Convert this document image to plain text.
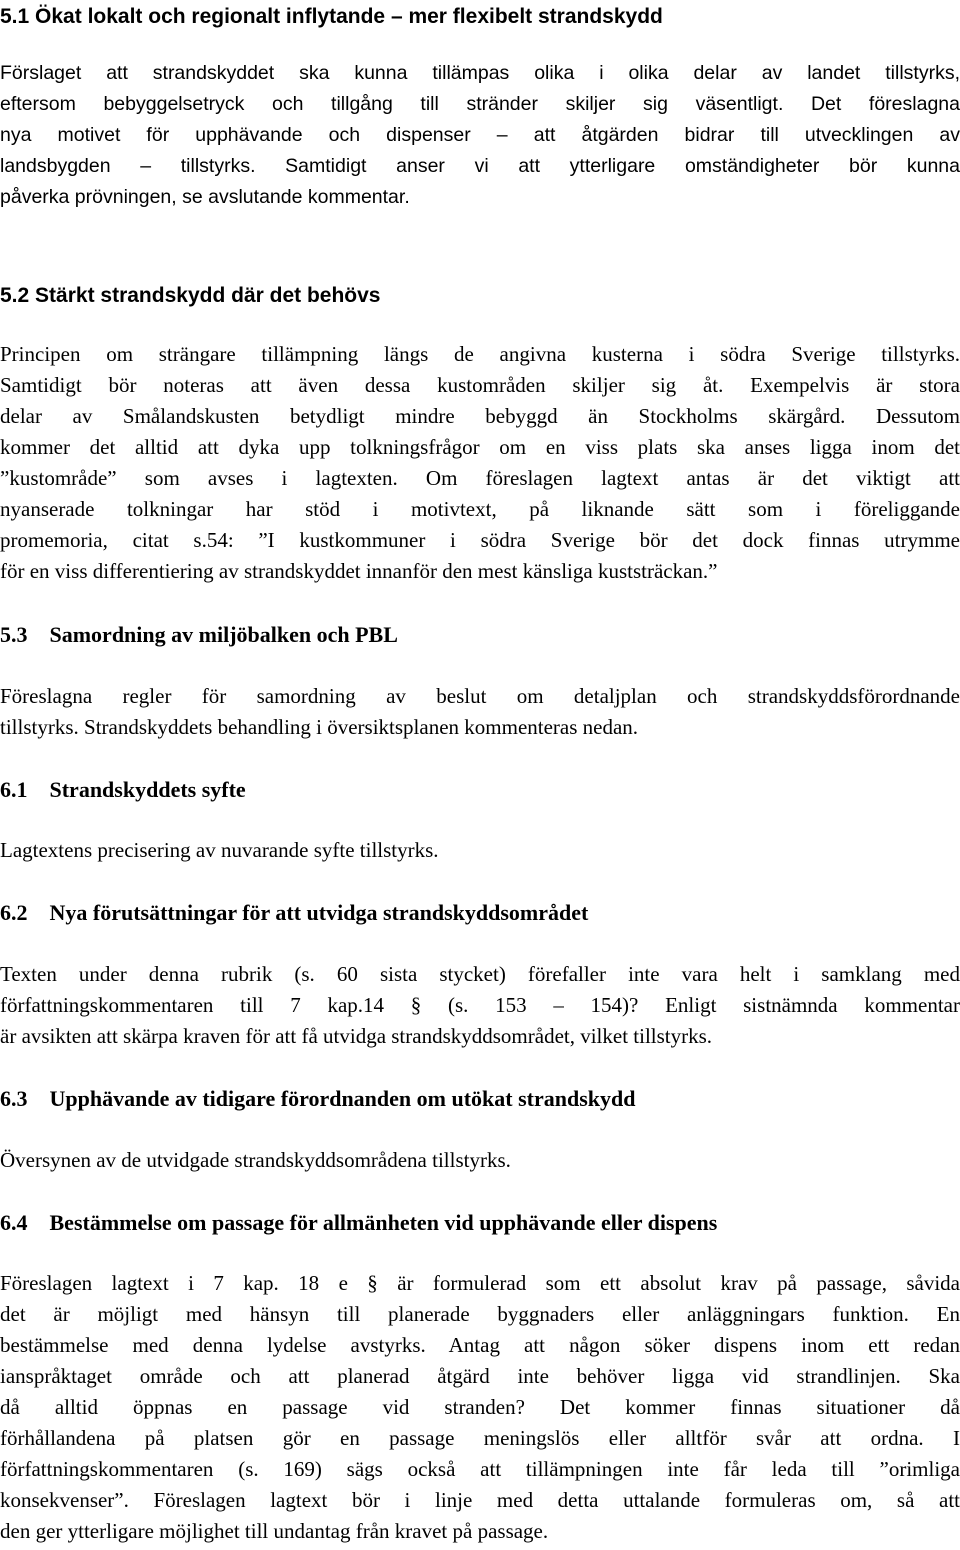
5.1 Ökat lokalt och regionalt inflytande – mer flexibelt strandskydd
Förslaget att strandskyddet ska kunna tillämpas olika i olika delar av landet tillstyrks,
eftersom bebyggelsetryck och tillgång till stränder skiljer sig väsentligt. Det föreslagna
nya motivet för upphävande och dispenser – att åtgärden bidrar till utvecklingen av
landsbygden – tillstyrks. Samtidigt anser vi att ytterligare omständigheter bör kunna
påverka prövningen, se avslutande kommentar.
5.2 Stärkt strandskydd där det behövs
Principen om strängare tillämpning längs de angivna kusterna i södra Sverige tillstyrks.
Samtidigt bör noteras att även dessa kustområden skiljer sig åt. Exempelvis är stora
delar av Smålandskusten betydligt mindre bebyggd än Stockholms skärgård. Dessutom
kommer det alltid att dyka upp tolkningsfrågor om en viss plats ska anses ligga inom det
”kustområde” som avses i lagtexten. Om föreslagen lagtext antas är det viktigt att
nyanserade tolkningar har stöd i motivtext, på liknande sätt som i föreliggande
promemoria, citat s.54: ”I kustkommuner i södra Sverige bör det dock finnas utrymme
för en viss differentiering av strandskyddet innanför den mest känsliga kuststräckan.”
5.3 Samordning av miljöbalken och PBL
Föreslagna regler för samordning av beslut om detaljplan och strandskyddsförordnande
tillstyrks. Strandskyddets behandling i översiktsplanen kommenteras nedan.
6.1 Strandskyddets syfte
Lagtextens precisering av nuvarande syfte tillstyrks.
6.2 Nya förutsättningar för att utvidga strandskyddsområdet
Texten under denna rubrik (s. 60 sista stycket) förefaller inte vara helt i samklang med
författningskommentaren till 7 kap.14 § (s. 153 – 154)? Enligt sistnämnda kommentar
är avsikten att skärpa kraven för att få utvidga strandskyddsområdet, vilket tillstyrks.
6.3 Upphävande av tidigare förordnanden om utökat strandskydd
Översynen av de utvidgade strandskyddsområdena tillstyrks.
6.4 Bestämmelse om passage för allmänheten vid upphävande eller dispens
Föreslagen lagtext i 7 kap. 18 e § är formulerad som ett absolut krav på passage, såvida
det är möjligt med hänsyn till planerade byggnaders eller anläggningars funktion. En
bestämmelse med denna lydelse avstyrks. Antag att någon söker dispens inom ett redan
ianspråktaget område och att planerad åtgärd inte behöver ligga vid strandlinjen. Ska
då alltid öppnas en passage vid stranden? Det kommer finnas situationer då
förhållandena på platsen gör en passage meningslös eller alltför svår att ordna. I
författningskommentaren (s. 169) sägs också att tillämpningen inte får leda till ”orimliga
konsekvenser”. Föreslagen lagtext bör i linje med detta uttalande formuleras om, så att
den ger ytterligare möjlighet till undantag från kravet på passage.
